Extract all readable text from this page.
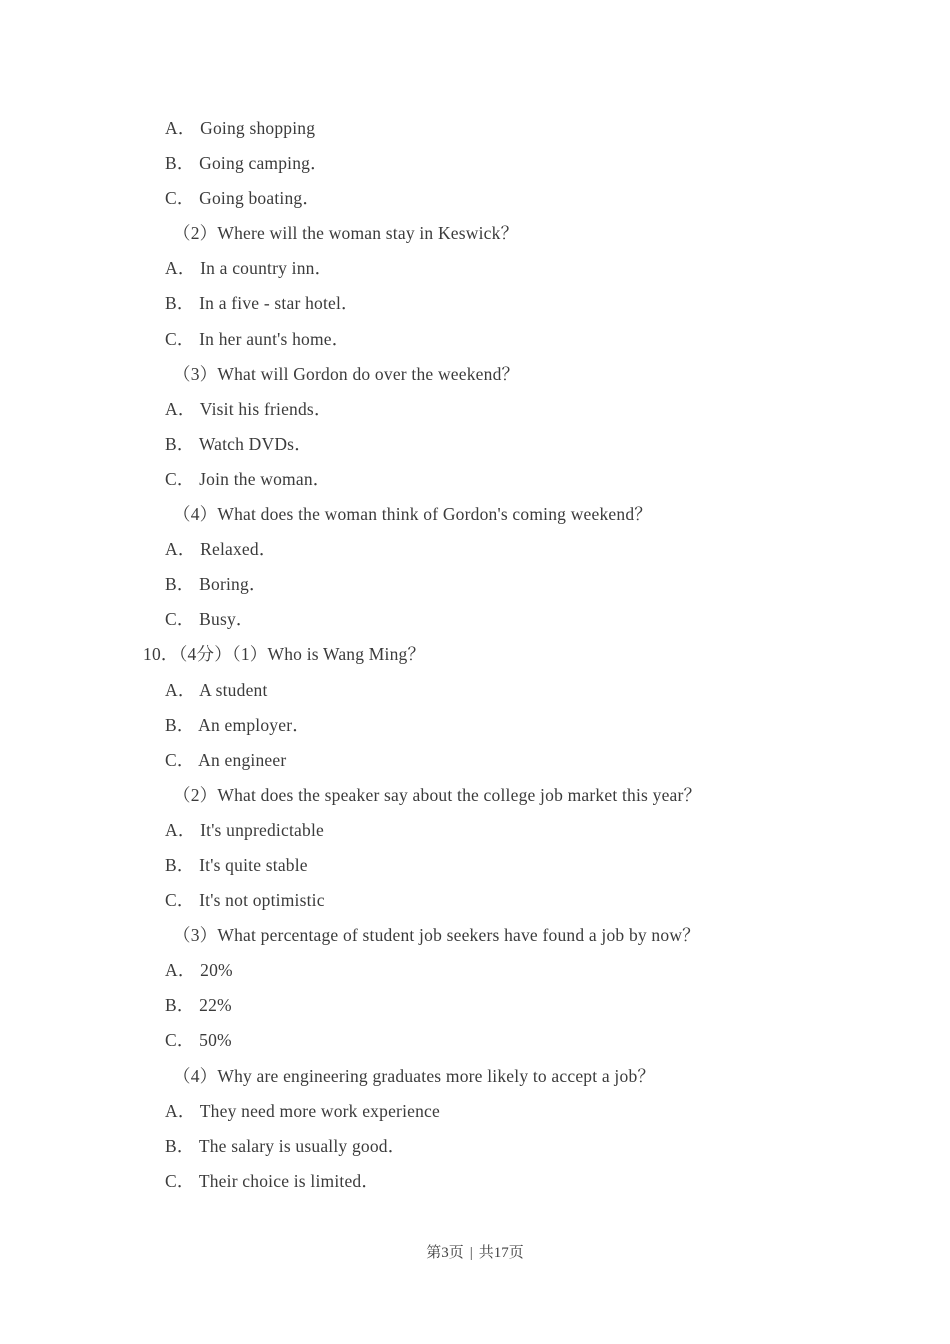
A． Going shopping
B． Going camping．
C． Going boating．
（2）Where will the woman stay in Keswick？
A． In a country inn．
B． In a five - star hotel．
C． In her aunt's home．
（3）What will Gordon do over the weekend？
A． Visit his friends．
B． Watch DVDs．
C． Join the woman．
（4）What does the woman think of Gordon's coming weekend？
A． Relaxed．
B． Boring．
C． Busy．
10．（4分）（1）Who is Wang Ming？
A． A student
B． An employer．
C． An engineer
（2）What does the speaker say about the college job market this year？
A． It's unpredictable
B． It's quite stable
C． It's not optimistic
（3）What percentage of student job seekers have found a job by now？
A． 20%
B． 22%
C． 50%
（4）Why are engineering graduates more likely to accept a job？
A． They need more work experience
B． The salary is usually good．
C． Their choice is limited．
第3页 | 共17页
